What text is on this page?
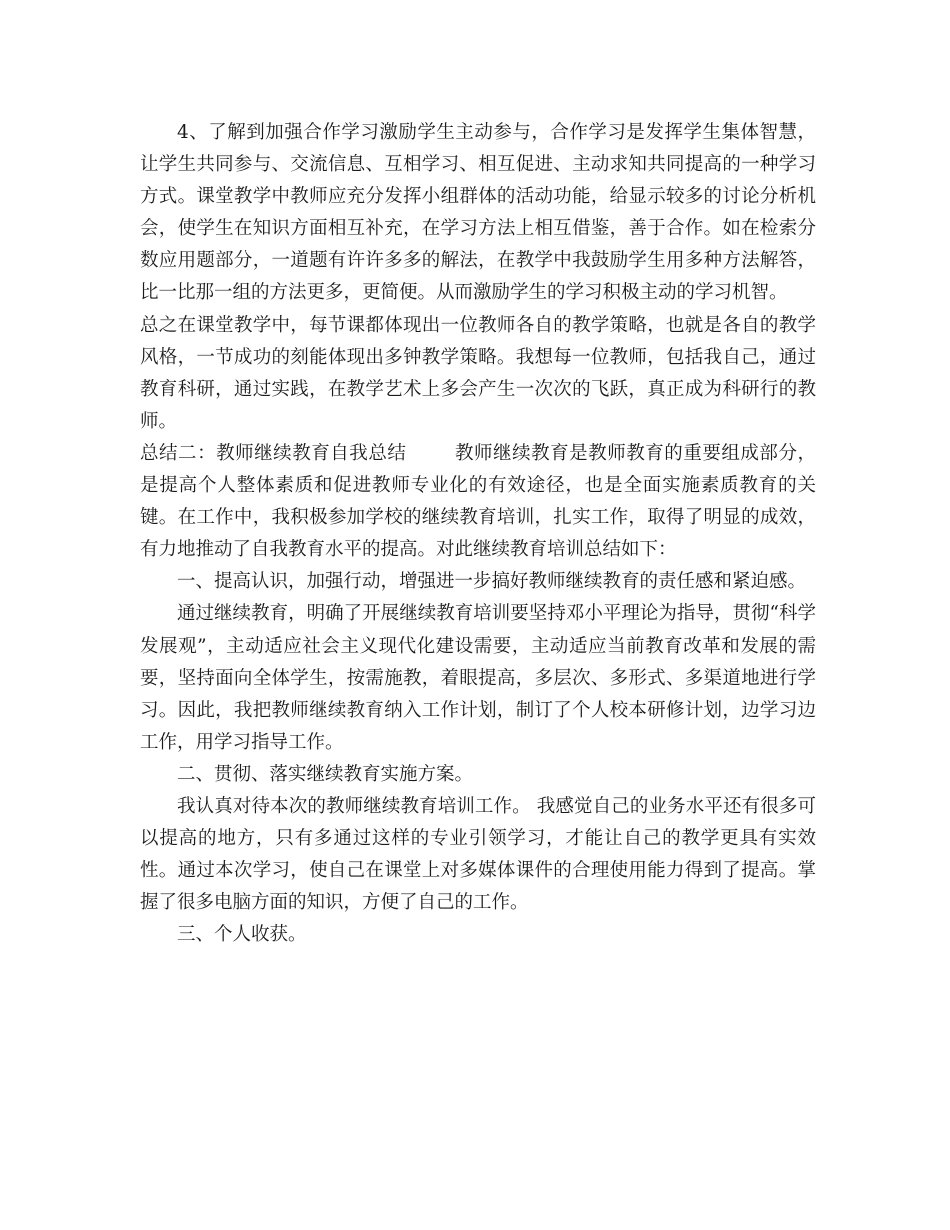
4、了解到加强合作学习激励学生主动参与，合作学习是发挥学生集体智慧，让学生共同参与、交流信息、互相学习、相互促进、主动求知共同提高的一种学习方式。课堂教学中教师应充分发挥小组群体的活动功能，给显示较多的讨论分析机会，使学生在知识方面相互补充，在学习方法上相互借鉴，善于合作。如在检索分数应用题部分，一道题有许许多多的解法，在教学中我鼓励学生用多种方法解答，比一比那一组的方法更多，更简便。从而激励学生的学习积极主动的学习机智。

总之在课堂教学中，每节课都体现出一位教师各自的教学策略，也就是各自的教学风格，一节成功的刻能体现出多钟教学策略。我想每一位教师，包括我自己，通过教育科研，通过实践，在教学艺术上多会产生一次次的飞跃，真正成为科研行的教师。

总结二：教师继续教育自我总结	教师继续教育是教师教育的重要组成部分，是提高个人整体素质和促进教师专业化的有效途径，也是全面实施素质教育的关键。在工作中，我积极参加学校的继续教育培训，扎实工作，取得了明显的成效，有力地推动了自我教育水平的提高。对此继续教育培训总结如下：

一、提高认识，加强行动，增强进一步搞好教师继续教育的责任感和紧迫感。

通过继续教育，明确了开展继续教育培训要坚持邓小平理论为指导，贯彻“科学发展观”，主动适应社会主义现代化建设需要，主动适应当前教育改革和发展的需要，坚持面向全体学生，按需施教，着眼提高，多层次、多形式、多渠道地进行学习。因此，我把教师继续教育纳入工作计划，制订了个人校本研修计划，边学习边工作，用学习指导工作。

二、贯彻、落实继续教育实施方案。

我认真对待本次的教师继续教育培训工作。 我感觉自己的业务水平还有很多可以提高的地方，只有多通过这样的专业引领学习，才能让自己的教学更具有实效性。通过本次学习，使自己在课堂上对多媒体课件的合理使用能力得到了提高。掌握了很多电脑方面的知识，方便了自己的工作。

三、个人收获。
